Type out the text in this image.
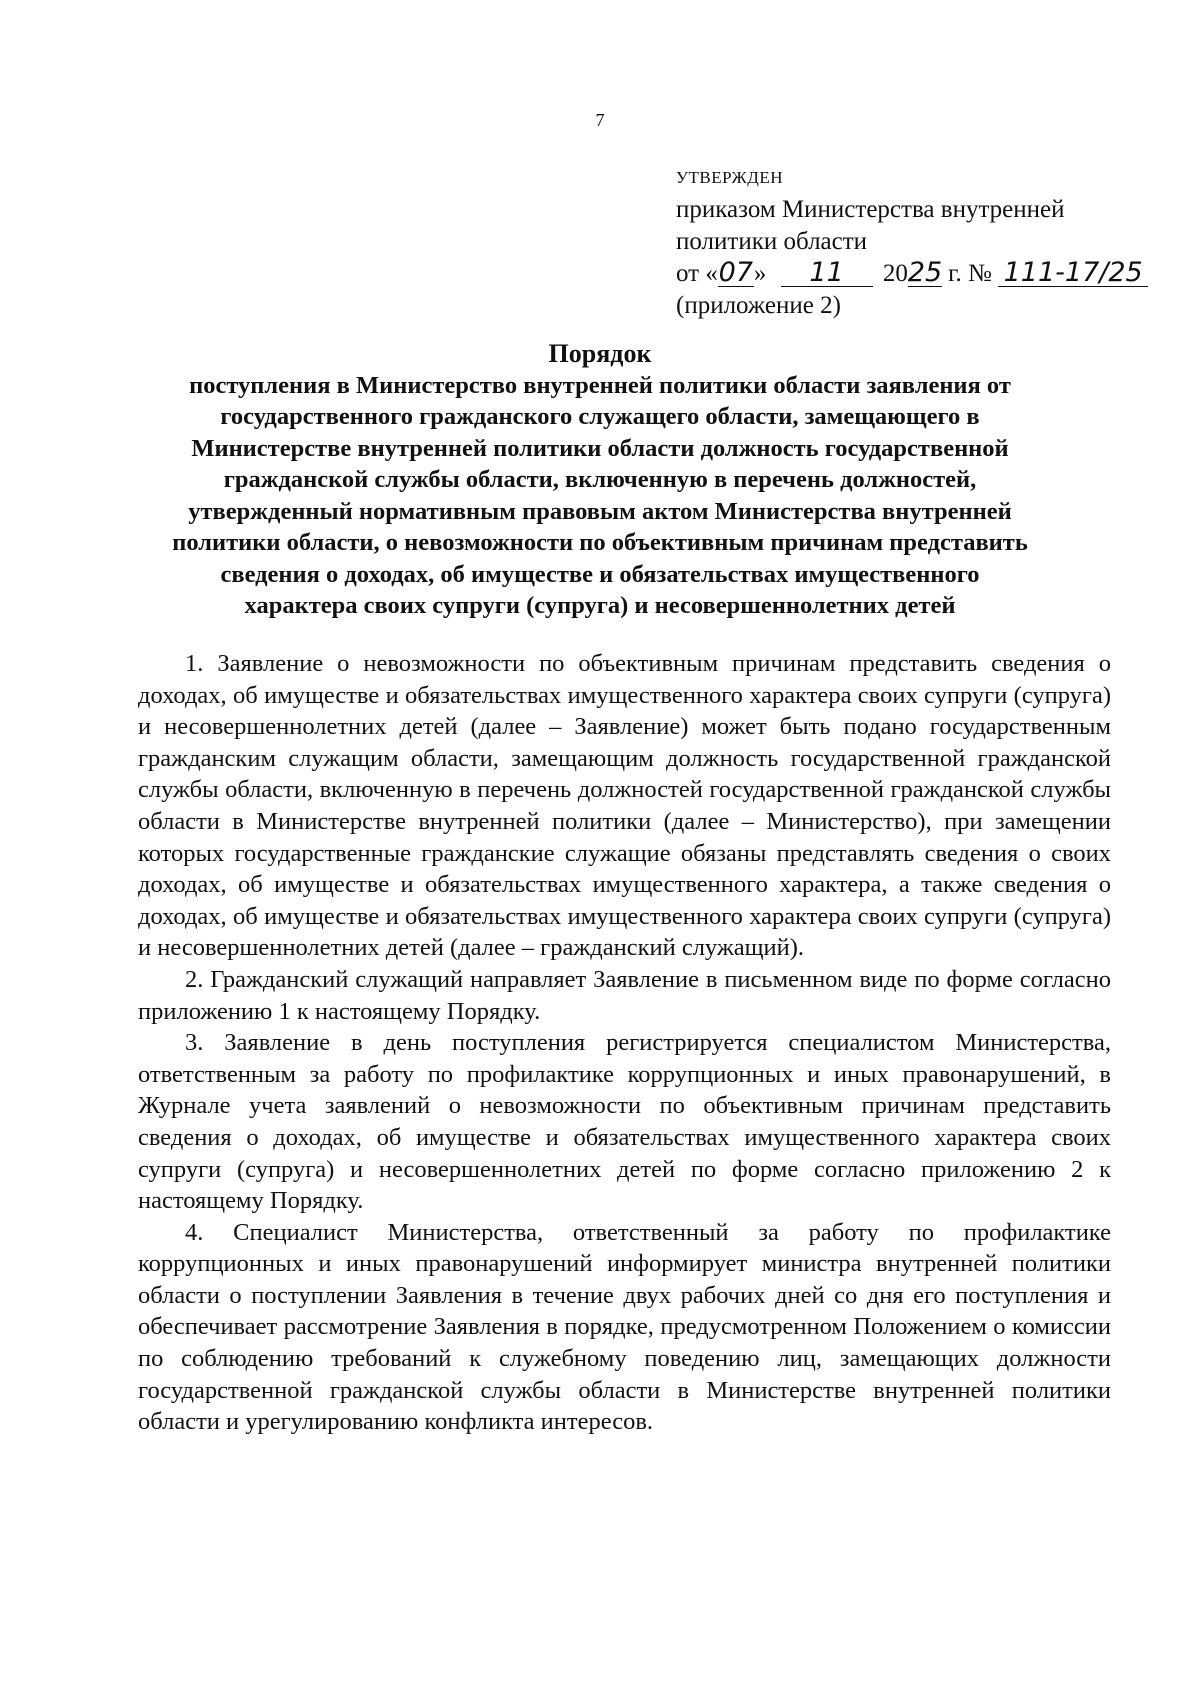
7
УТВЕРЖДЕН
приказом Министерства внутренней
политики области
от «07» 11 2025 г. № 111-17/25
(приложение 2)
Порядок
поступления в Министерство внутренней политики области заявления от
государственного гражданского служащего области, замещающего в
Министерстве внутренней политики области должность государственной
гражданской службы области, включенную в перечень должностей,
утвержденный нормативным правовым актом Министерства внутренней
политики области, о невозможности по объективным причинам представить
сведения о доходах, об имуществе и обязательствах имущественного
характера своих супруги (супруга) и несовершеннолетних детей

1. Заявление о невозможности по объективным причинам представить сведения о доходах, об имуществе и обязательствах имущественного характера своих супруги (супруга) и несовершеннолетних детей (далее – Заявление) может быть подано государственным гражданским служащим области, замещающим должность государственной гражданской службы области, включенную в перечень должностей государственной гражданской службы области в Министерстве внутренней политики (далее – Министерство), при замещении которых государственные гражданские служащие обязаны представлять сведения о своих доходах, об имуществе и обязательствах имущественного характера, а также сведения о доходах, об имуществе и обязательствах имущественного характера своих супруги (супруга) и несовершеннолетних детей (далее – гражданский служащий).

2. Гражданский служащий направляет Заявление в письменном виде по форме согласно приложению 1 к настоящему Порядку.

3. Заявление в день поступления регистрируется специалистом Министерства, ответственным за работу по профилактике коррупционных и иных правонарушений, в Журнале учета заявлений о невозможности по объективным причинам представить сведения о доходах, об имуществе и обязательствах имущественного характера своих супруги (супруга) и несовершеннолетних детей по форме согласно приложению 2 к настоящему Порядку.

4. Специалист Министерства, ответственный за работу по профилактике коррупционных и иных правонарушений информирует министра внутренней политики области о поступлении Заявления в течение двух рабочих дней со дня его поступления и обеспечивает рассмотрение Заявления в порядке, предусмотренном Положением о комиссии по соблюдению требований к служебному поведению лиц, замещающих должности государственной гражданской службы области в Министерстве внутренней политики области и урегулированию конфликта интересов.
